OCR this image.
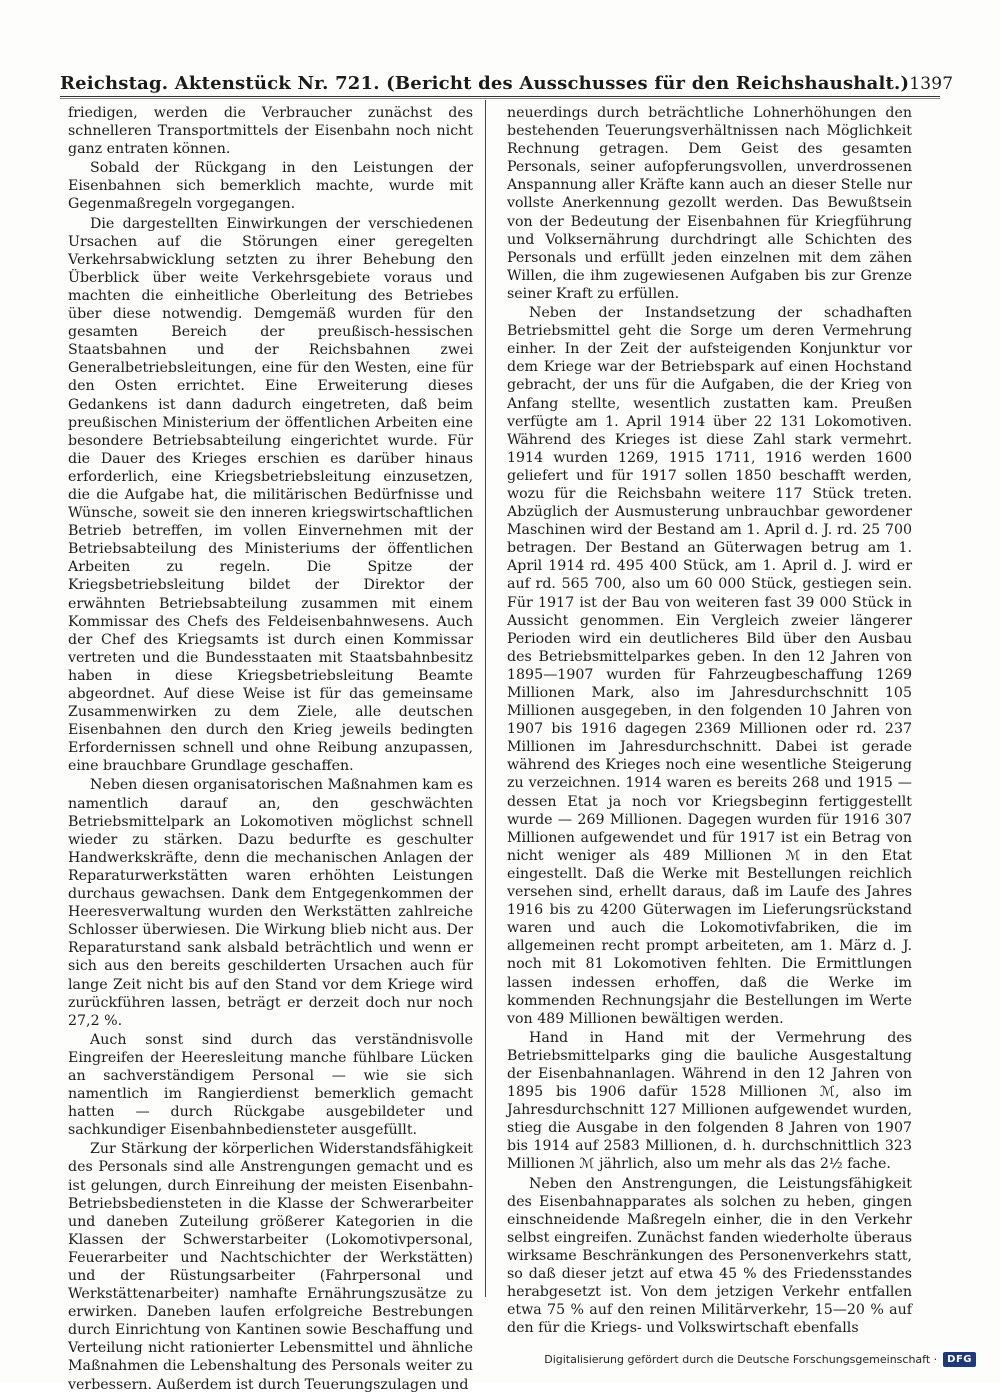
Reichstag. Aktenstück Nr. 721. (Bericht des Ausschusses für den Reichshaushalt.) 1397

friedigen, werden die Verbraucher zunächst des schnelleren Transportmittels der Eisenbahn noch nicht ganz entraten können.

Sobald der Rückgang in den Leistungen der Eisenbahnen sich bemerklich machte, wurde mit Gegenmaßregeln vorgegangen.

Die dargestellten Einwirkungen der verschiedenen Ursachen auf die Störungen einer geregelten Verkehrsabwicklung setzten zu ihrer Behebung den Überblick über weite Verkehrsgebiete voraus und machten die einheitliche Oberleitung des Betriebes über diese notwendig. Demgemäß wurden für den gesamten Bereich der preußisch-hessischen Staatsbahnen und der Reichsbahnen zwei Generalbetriebsleitungen, eine für den Westen, eine für den Osten errichtet. Eine Erweiterung dieses Gedankens ist dann dadurch eingetreten, daß beim preußischen Ministerium der öffentlichen Arbeiten eine besondere Betriebsabteilung eingerichtet wurde. Für die Dauer des Krieges erschien es darüber hinaus erforderlich, eine Kriegsbetriebsleitung einzusetzen, die die Aufgabe hat, die militärischen Bedürfnisse und Wünsche, soweit sie den inneren kriegswirtschaftlichen Betrieb betreffen, im vollen Einvernehmen mit der Betriebsabteilung des Ministeriums der öffentlichen Arbeiten zu regeln. Die Spitze der Kriegsbetriebsleitung bildet der Direktor der erwähnten Betriebsabteilung zusammen mit einem Kommissar des Chefs des Feldeisenbahnwesens. Auch der Chef des Kriegsamts ist durch einen Kommissar vertreten und die Bundesstaaten mit Staatsbahnbesitz haben in diese Kriegsbetriebsleitung Beamte abgeordnet. Auf diese Weise ist für das gemeinsame Zusammenwirken zu dem Ziele, alle deutschen Eisenbahnen den durch den Krieg jeweils bedingten Erfordernissen schnell und ohne Reibung anzupassen, eine brauchbare Grundlage geschaffen.

Neben diesen organisatorischen Maßnahmen kam es namentlich darauf an, den geschwächten Betriebsmittelpark an Lokomotiven möglichst schnell wieder zu stärken. Dazu bedurfte es geschulter Handwerkskräfte, denn die mechanischen Anlagen der Reparaturwerkstätten waren erhöhten Leistungen durchaus gewachsen. Dank dem Entgegenkommen der Heeresverwaltung wurden den Werkstätten zahlreiche Schlosser überwiesen. Die Wirkung blieb nicht aus. Der Reparaturstand sank alsbald beträchtlich und wenn er sich aus den bereits geschilderten Ursachen auch für lange Zeit nicht bis auf den Stand vor dem Kriege wird zurückführen lassen, beträgt er derzeit doch nur noch 27,2 %.

Auch sonst sind durch das verständnisvolle Eingreifen der Heeresleitung manche fühlbare Lücken an sachverständigem Personal — wie sie sich namentlich im Rangierdienst bemerklich gemacht hatten — durch Rückgabe ausgebildeter und sachkundiger Eisenbahnbediensteter ausgefüllt.

Zur Stärkung der körperlichen Widerstandsfähigkeit des Personals sind alle Anstrengungen gemacht und es ist gelungen, durch Einreihung der meisten Eisenbahn-Betriebsbediensteten in die Klasse der Schwerarbeiter und daneben Zuteilung größerer Kategorien in die Klassen der Schwerstarbeiter (Lokomotivpersonal, Feuerarbeiter und Nachtschichter der Werkstätten) und der Rüstungsarbeiter (Fahrpersonal und Werkstättenarbeiter) namhafte Ernährungszusätze zu erwirken. Daneben laufen erfolgreiche Bestrebungen durch Einrichtung von Kantinen sowie Beschaffung und Verteilung nicht rationierter Lebensmittel und ähnliche Maßnahmen die Lebenshaltung des Personals weiter zu verbessern. Außerdem ist durch Teuerungszulagen und

neuerdings durch beträchtliche Lohnerhöhungen den bestehenden Teuerungsverhältnissen nach Möglichkeit Rechnung getragen. Dem Geist des gesamten Personals, seiner aufopferungsvollen, unverdrossenen Anspannung aller Kräfte kann auch an dieser Stelle nur vollste Anerkennung gezollt werden. Das Bewußtsein von der Bedeutung der Eisenbahnen für Kriegführung und Volksernährung durchdringt alle Schichten des Personals und erfüllt jeden einzelnen mit dem zähen Willen, die ihm zugewiesenen Aufgaben bis zur Grenze seiner Kraft zu erfüllen.

Neben der Instandsetzung der schadhaften Betriebsmittel geht die Sorge um deren Vermehrung einher. In der Zeit der aufsteigenden Konjunktur vor dem Kriege war der Betriebspark auf einen Hochstand gebracht, der uns für die Aufgaben, die der Krieg von Anfang stellte, wesentlich zustatten kam. Preußen verfügte am 1. April 1914 über 22 131 Lokomotiven. Während des Krieges ist diese Zahl stark vermehrt. 1914 wurden 1269, 1915 1711, 1916 werden 1600 geliefert und für 1917 sollen 1850 beschafft werden, wozu für die Reichsbahn weitere 117 Stück treten. Abzüglich der Ausmusterung unbrauchbar gewordener Maschinen wird der Bestand am 1. April d. J. rd. 25 700 betragen. Der Bestand an Güterwagen betrug am 1. April 1914 rd. 495 400 Stück, am 1. April d. J. wird er auf rd. 565 700, also um 60 000 Stück, gestiegen sein. Für 1917 ist der Bau von weiteren fast 39 000 Stück in Aussicht genommen. Ein Vergleich zweier längerer Perioden wird ein deutlicheres Bild über den Ausbau des Betriebsmittelparkes geben. In den 12 Jahren von 1895—1907 wurden für Fahrzeugbeschaffung 1269 Millionen Mark, also im Jahresdurchschnitt 105 Millionen ausgegeben, in den folgenden 10 Jahren von 1907 bis 1916 dagegen 2369 Millionen oder rd. 237 Millionen im Jahresdurchschnitt. Dabei ist gerade während des Krieges noch eine wesentliche Steigerung zu verzeichnen. 1914 waren es bereits 268 und 1915 — dessen Etat ja noch vor Kriegsbeginn fertiggestellt wurde — 269 Millionen. Dagegen wurden für 1916 307 Millionen aufgewendet und für 1917 ist ein Betrag von nicht weniger als 489 Millionen ℳ in den Etat eingestellt. Daß die Werke mit Bestellungen reichlich versehen sind, erhellt daraus, daß im Laufe des Jahres 1916 bis zu 4200 Güterwagen im Lieferungsrückstand waren und auch die Lokomotivfabriken, die im allgemeinen recht prompt arbeiteten, am 1. März d. J. noch mit 81 Lokomotiven fehlten. Die Ermittlungen lassen indessen erhoffen, daß die Werke im kommenden Rechnungsjahr die Bestellungen im Werte von 489 Millionen bewältigen werden.

Hand in Hand mit der Vermehrung des Betriebsmittelparks ging die bauliche Ausgestaltung der Eisenbahnanlagen. Während in den 12 Jahren von 1895 bis 1906 dafür 1528 Millionen ℳ, also im Jahresdurchschnitt 127 Millionen aufgewendet wurden, stieg die Ausgabe in den folgenden 8 Jahren von 1907 bis 1914 auf 2583 Millionen, d. h. durchschnittlich 323 Millionen ℳ jährlich, also um mehr als das 2½ fache.

Neben den Anstrengungen, die Leistungsfähigkeit des Eisenbahnapparates als solchen zu heben, gingen einschneidende Maßregeln einher, die in den Verkehr selbst eingreifen. Zunächst fanden wiederholte überaus wirksame Beschränkungen des Personenverkehrs statt, so daß dieser jetzt auf etwa 45 % des Friedensstandes herabgesetzt ist. Von dem jetzigen Verkehr entfallen etwa 75 % auf den reinen Militärverkehr, 15—20 % auf den für die Kriegs- und Volkswirtschaft ebenfalls

Digitalisierung gefördert durch die Deutsche Forschungsgemeinschaft ·	DFG
